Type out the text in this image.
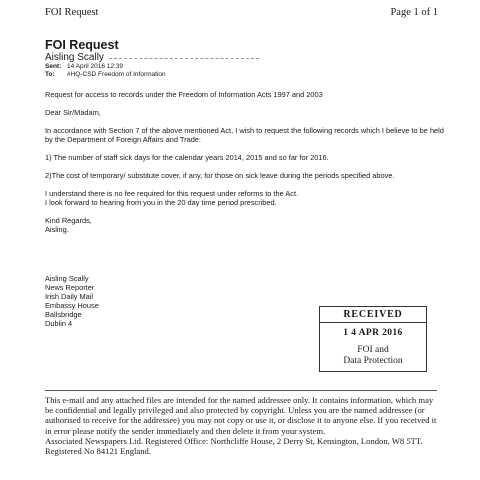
FOI Request	Page 1 of 1
FOI Request
Aisling Scally
Sent: 14 April 2016 12:39
To: #HQ-CSD Freedom of Information

Request for access to records under the Freedom of Information Acts 1997 and 2003

Dear Sir/Madam,

In accordance with Section 7 of the above mentioned Act, I wish to request the following records which I believe to be held by the Department of Foreign Affairs and Trade:

1) The number of staff sick days for the calendar years 2014, 2015 and so far for 2016.

2)The cost of temporary/ substitute cover, if any, for those on sick leave during the periods specified above.

I understand there is no fee required for this request under reforms to the Act.

I look forward to hearing from you in the 20 day time period prescribed.

Kind Regards,

Aisling.

Aisling Scally
News Reporter
Irish Daily Mail
Embassy House
Ballsbridge
Dublin 4
RECEIVED
1 4 APR 2016
FOI and
Data Protection

This e-mail and any attached files are intended for the named addressee only. It contains information, which may be confidential and legally privileged and also protected by copyright. Unless you are the named addressee (or authorised to receive for the addressee) you may not copy or use it, or disclose it to anyone else. If you received it in error please notify the sender immediately and then delete it from your system.

Associated Newspapers Ltd. Registered Office: Northcliffe House, 2 Derry St, Kensington, London, W8 5TT. Registered No 84121 England.
